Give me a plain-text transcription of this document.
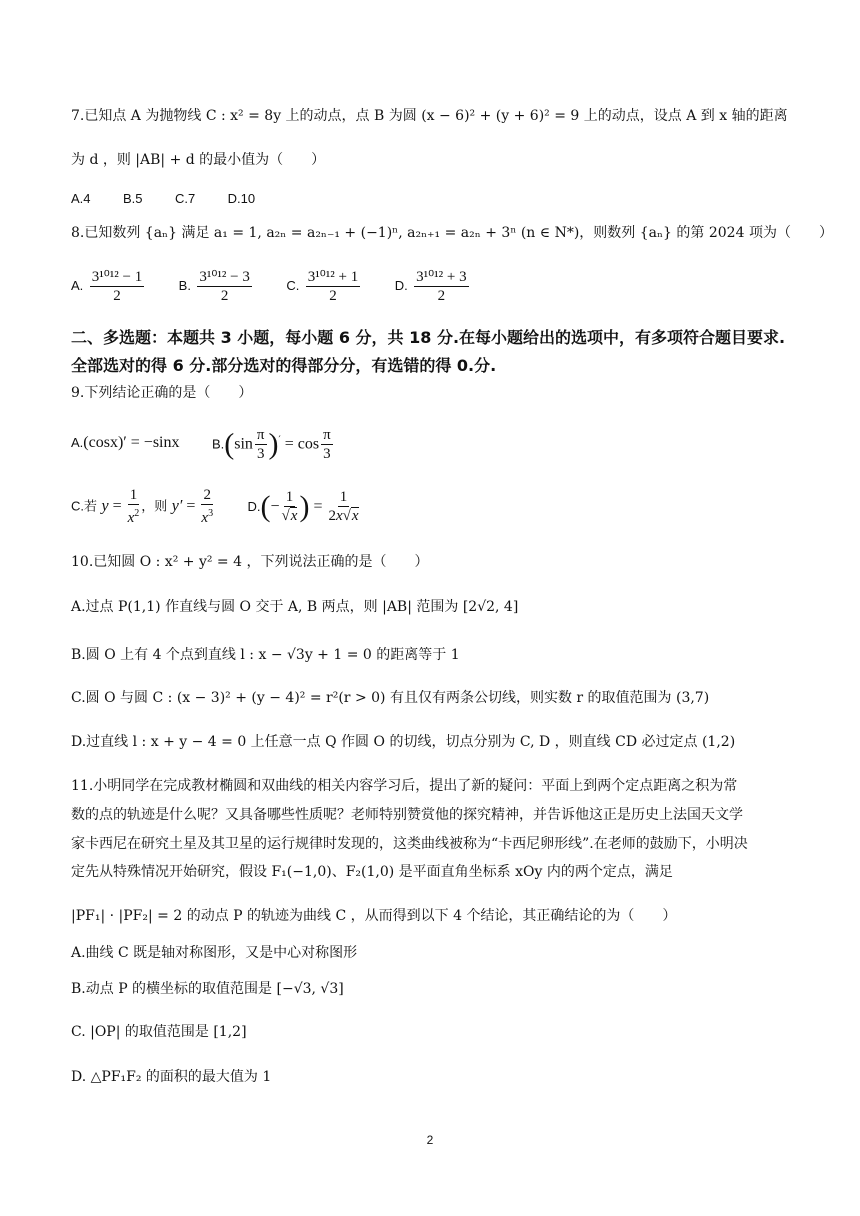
7.已知点 A 为抛物线 C : x² = 8y 上的动点，点 B 为圆 (x − 6)² + (y + 6)² = 9 上的动点，设点 A 到 x 轴的距离
为 d ，则 |AB| + d 的最小值为（　　）
A.4 B.5 C.7 D.10
8.已知数列 {aₙ} 满足 a₁ = 1, a₂ₙ = a₂ₙ₋₁ + (−1)ⁿ, a₂ₙ₊₁ = a₂ₙ + 3ⁿ (n ∈ N*)，则数列 {aₙ} 的第 2024 项为（　　）
A. $\frac{\text{3¹⁰¹² − 1}}{2}$	B. $\frac{\text{3¹⁰¹² − 3}}{2}$	C. $\frac{\text{3¹⁰¹² + 1}}{2}$	D. $\frac{\text{3¹⁰¹² + 3}}{2}$
二、多选题：本题共 3 小题，每小题 6 分，共 18 分.在每小题给出的选项中，有多项符合题目要求.全部选对的得 6 分.部分选对的得部分分，有选错的得 0.分.
9.下列结论正确的是（　　）
A.(cosx)′ = −sinx $B.(\sin \frac{\pi}{3} )' = \cos \frac{\pi}{3}$
C.若 $y = \frac{1}{x^2}$ ，则 $y' = \frac{2}{x^3}$	$D.(- \frac{1}{√x}$ ) = $\frac{1}{2x√x}$
10.已知圆 O : x² + y² = 4 ，下列说法正确的是（　　）
A.过点 P(1,1) 作直线与圆 O 交于 A, B 两点，则 |AB| 范围为 [2√2, 4]
B.圆 O 上有 4 个点到直线 l : x − √3y + 1 = 0 的距离等于 1
C.圆 O 与圆 C : (x − 3)² + (y − 4)² = r²(r > 0) 有且仅有两条公切线，则实数 r 的取值范围为 (3,7)
D.过直线 l : x + y − 4 = 0 上任意一点 Q 作圆 O 的切线，切点分别为 C, D ，则直线 CD 必过定点 (1,2)
11.小明同学在完成教材椭圆和双曲线的相关内容学习后，提出了新的疑问：平面上到两个定点距离之积为常
数的点的轨迹是什么呢？又具备哪些性质呢？老师特别赞赏他的探究精神，并告诉他这正是历史上法国天文学
家卡西尼在研究土星及其卫星的运行规律时发现的，这类曲线被称为“卡西尼卵形线”.在老师的鼓励下，小明决
定先从特殊情况开始研究，假设 F₁(−1,0)、F₂(1,0) 是平面直角坐标系 xOy 内的两个定点，满足
|PF₁| · |PF₂| = 2 的动点 P 的轨迹为曲线 C ，从而得到以下 4 个结论，其正确结论的为（　　）
A.曲线 C 既是轴对称图形，又是中心对称图形
B.动点 P 的横坐标的取值范围是 [−√3, √3]
C. |OP| 的取值范围是 [1,2]
D. △PF₁F₂ 的面积的最大值为 1
2
